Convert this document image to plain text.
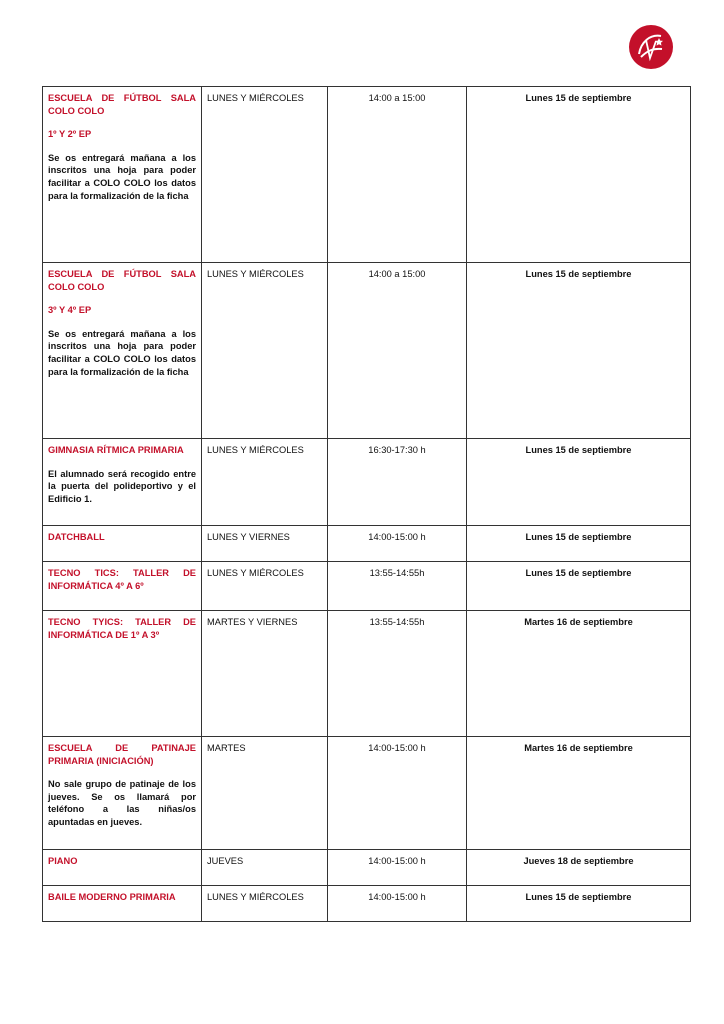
ESCUELA DE FÚTBOL SALA COLO COLO
1º Y 2º EP
Se os entregará mañana a los inscritos una hoja para poder facilitar a COLO COLO los datos para la formalización de la ficha	LUNES Y MIÉRCOLES	14:00 a 15:00	Lunes 15 de septiembre

ESCUELA DE FÚTBOL SALA COLO COLO
3º Y 4º EP
Se os entregará mañana a los inscritos una hoja para poder facilitar a COLO COLO los datos para la formalización de la ficha	LUNES Y MIÉRCOLES	14:00 a 15:00	Lunes 15 de septiembre

GIMNASIA RÍTMICA PRIMARIA
El alumnado será recogido entre la puerta del polideportivo y el Edificio 1.	LUNES Y MIÉRCOLES	16:30-17:30 h	Lunes 15 de septiembre

DATCHBALL	LUNES Y VIERNES	14:00-15:00 h	Lunes 15 de septiembre

TECNO TICS: TALLER DE INFORMÁTICA 4º A 6º	LUNES Y MIÉRCOLES	13:55-14:55h	Lunes 15 de septiembre

TECNO TYICS: TALLER DE INFORMÁTICA DE 1º A 3º	MARTES Y VIERNES	13:55-14:55h	Martes 16 de septiembre

ESCUELA DE PATINAJE PRIMARIA (INICIACIÓN)
No sale grupo de patinaje de los jueves. Se os llamará por teléfono a las niñas/os apuntadas en jueves.	MARTES	14:00-15:00 h	Martes 16 de septiembre

PIANO	JUEVES	14:00-15:00 h	Jueves 18 de septiembre

BAILE MODERNO PRIMARIA	LUNES Y MIÉRCOLES	14:00-15:00 h	Lunes 15 de septiembre
